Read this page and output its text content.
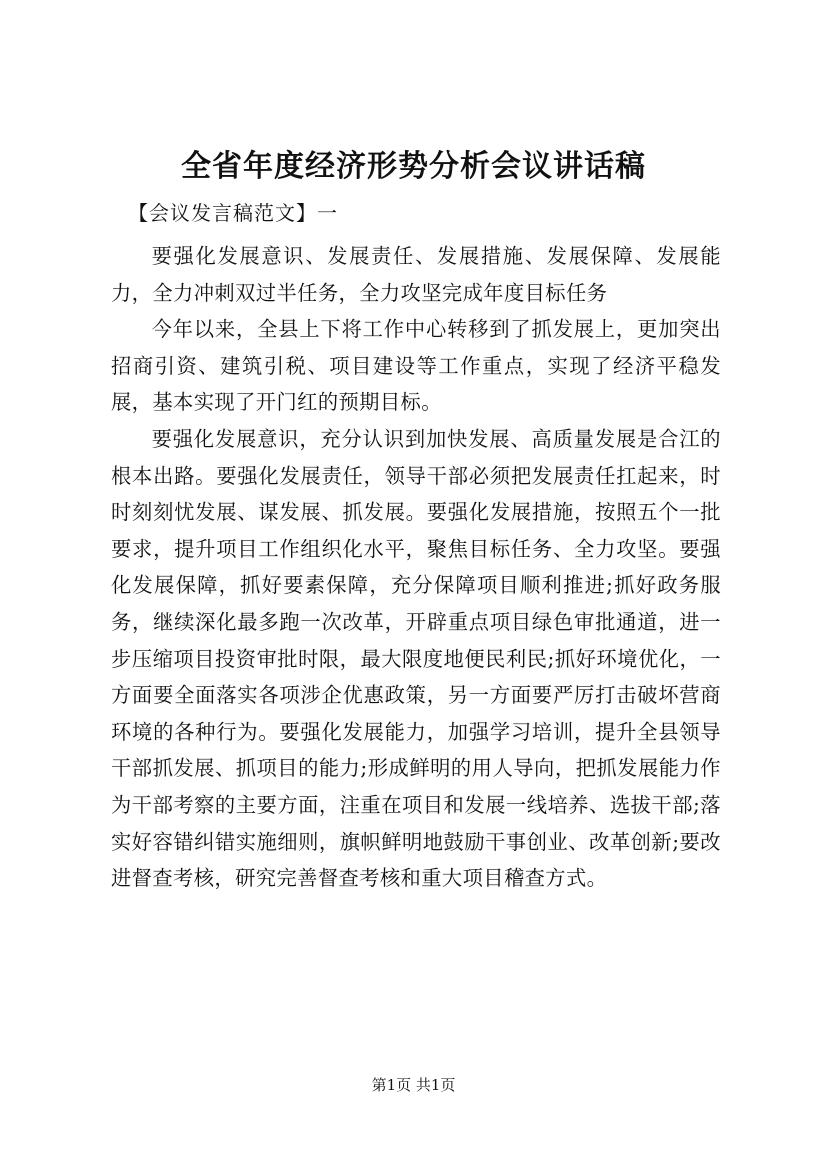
全省年度经济形势分析会议讲话稿
【会议发言稿范文】一

要强化发展意识、发展责任、发展措施、发展保障、发展能力，全力冲刺双过半任务，全力攻坚完成年度目标任务

今年以来，全县上下将工作中心转移到了抓发展上，更加突出招商引资、建筑引税、项目建设等工作重点，实现了经济平稳发展，基本实现了开门红的预期目标。

要强化发展意识，充分认识到加快发展、高质量发展是合江的根本出路。要强化发展责任，领导干部必须把发展责任扛起来，时时刻刻忧发展、谋发展、抓发展。要强化发展措施，按照五个一批要求，提升项目工作组织化水平，聚焦目标任务、全力攻坚。要强化发展保障，抓好要素保障，充分保障项目顺利推进;抓好政务服务，继续深化最多跑一次改革，开辟重点项目绿色审批通道，进一步压缩项目投资审批时限，最大限度地便民利民;抓好环境优化，一方面要全面落实各项涉企优惠政策，另一方面要严厉打击破坏营商环境的各种行为。要强化发展能力，加强学习培训，提升全县领导干部抓发展、抓项目的能力;形成鲜明的用人导向，把抓发展能力作为干部考察的主要方面，注重在项目和发展一线培养、选拔干部;落实好容错纠错实施细则，旗帜鲜明地鼓励干事创业、改革创新;要改进督查考核，研究完善督查考核和重大项目稽查方式。

第1页 共1页
